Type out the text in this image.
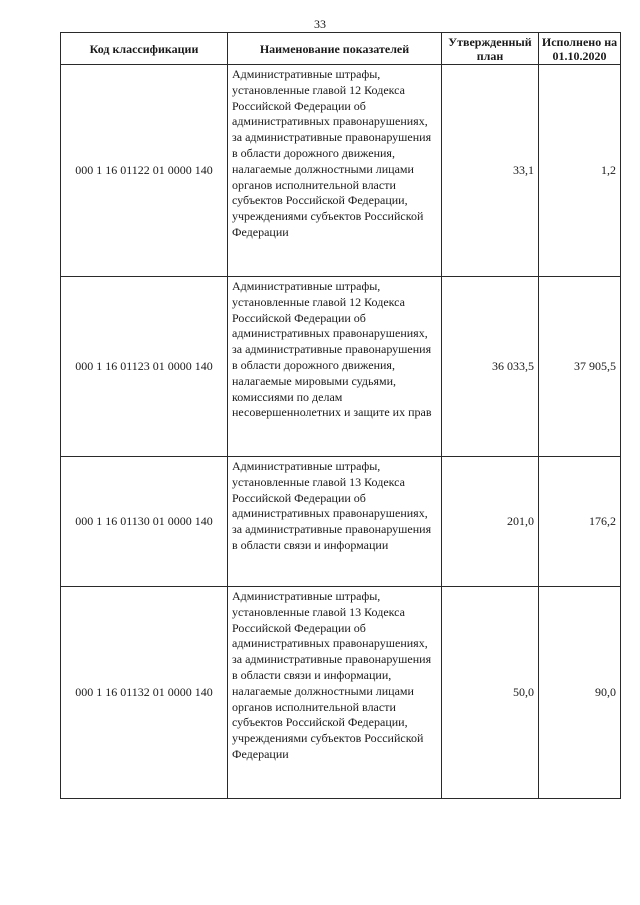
33
Код классификации	Наименование показателей	Утвержденный план	Исполнено на 01.10.2020
000 1 16 01122 01 0000 140	Административные штрафы, установленные главой 12 Кодекса Российской Федерации об административных правонарушениях, за административные правонарушения в области дорожного движения, налагаемые должностными лицами органов исполнительной власти субъектов Российской Федерации, учреждениями субъектов Российской Федерации	33,1	1,2
000 1 16 01123 01 0000 140	Административные штрафы, установленные главой 12 Кодекса Российской Федерации об административных правонарушениях, за административные правонарушения в области дорожного движения, налагаемые мировыми судьями, комиссиями по делам несовершеннолетних и защите их прав	36 033,5	37 905,5
000 1 16 01130 01 0000 140	Административные штрафы, установленные главой 13 Кодекса Российской Федерации об административных правонарушениях, за административные правонарушения в области связи и информации	201,0	176,2
000 1 16 01132 01 0000 140	Административные штрафы, установленные главой 13 Кодекса Российской Федерации об административных правонарушениях, за административные правонарушения в области связи и информации, налагаемые должностными лицами органов исполнительной власти субъектов Российской Федерации, учреждениями субъектов Российской Федерации	50,0	90,0
